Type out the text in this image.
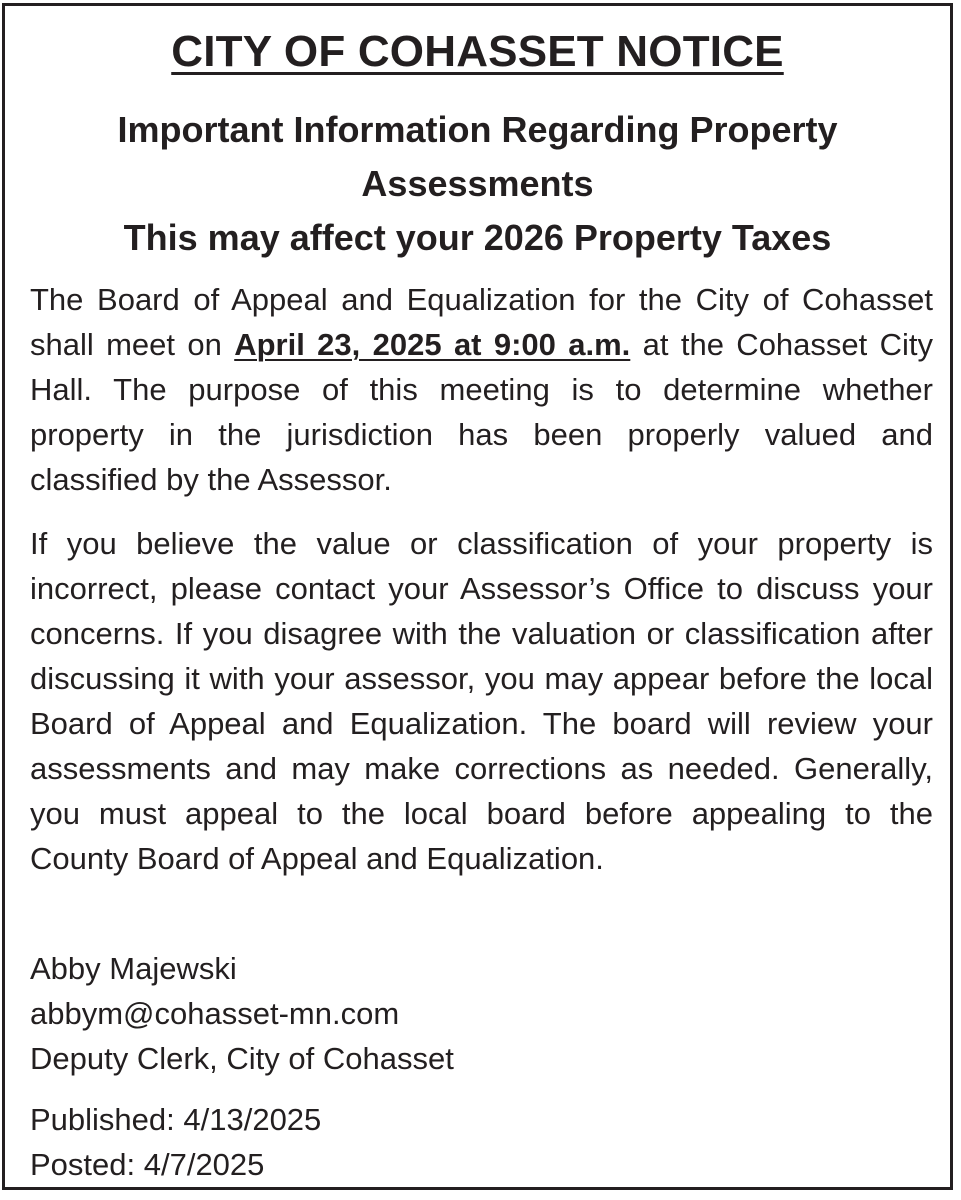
CITY OF COHASSET NOTICE
Important Information Regarding Property
Assessments
This may affect your 2026 Property Taxes

The Board of Appeal and Equalization for the City of Cohasset shall meet on April 23, 2025 at 9:00 a.m. at the Cohasset City Hall. The purpose of this meeting is to determine whether property in the jurisdiction has been properly valued and classified by the Assessor.

If you believe the value or classification of your property is incorrect, please contact your Assessor’s Office to discuss your concerns. If you disagree with the valuation or classification after discussing it with your assessor, you may appear before the local Board of Appeal and Equalization. The board will review your assessments and may make corrections as needed. Generally, you must appeal to the local board before appealing to the County Board of Appeal and Equalization.

Abby Majewski
abbym@cohasset-mn.com
Deputy Clerk, City of Cohasset
Published: 4/13/2025
Posted: 4/7/2025
